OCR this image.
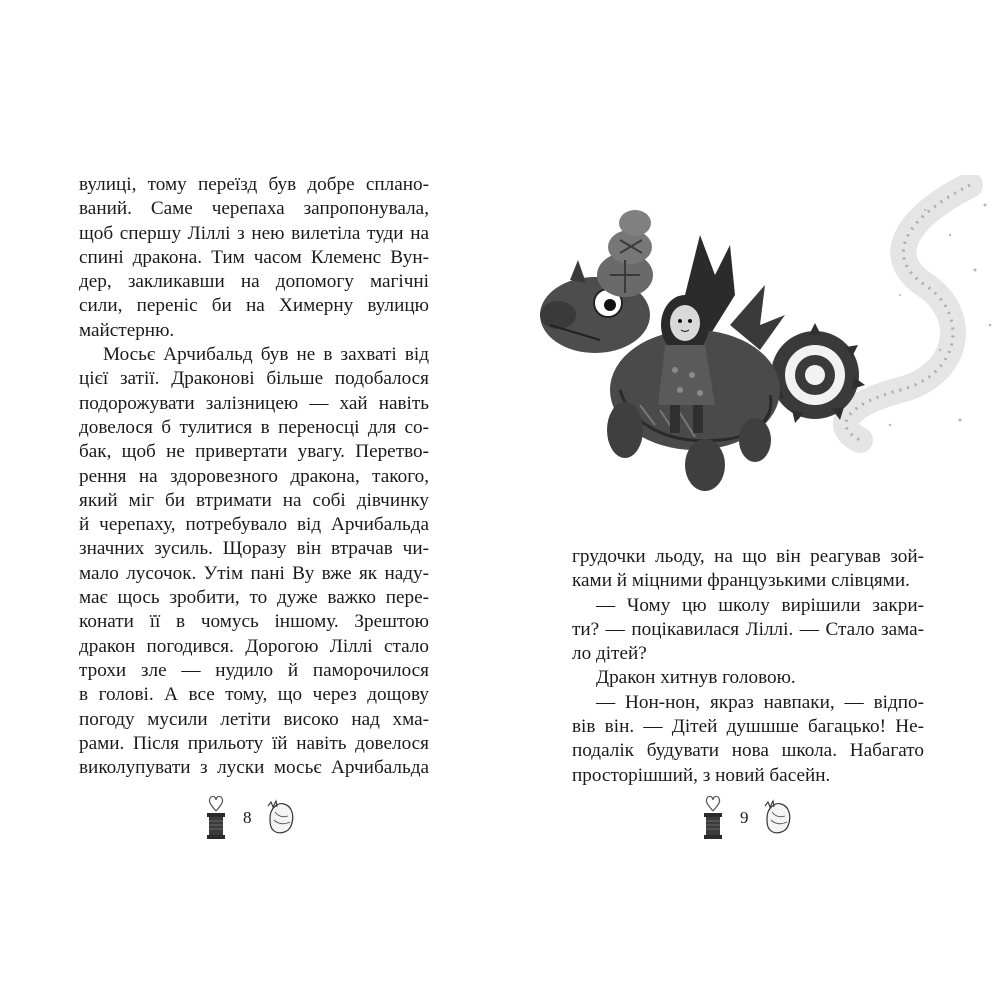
вулиці, тому переїзд був добре сплано-
ваний. Саме черепаха запропонувала,
щоб спершу Ліллі з нею вилетіла туди на
спині дракона. Тим часом Клеменс Вун-
дер, закликавши на допомогу магічні
сили, переніс би на Химерну вулицю
майстерню.
Мосьє Арчибальд був не в захваті від
цієї затії. Драконові більше подобалося
подорожувати залізницею — хай навіть
довелося б тулитися в переносці для со-
бак, щоб не привертати увагу. Перетво-
рення на здоровезного дракона, такого,
який міг би втримати на собі дівчинку
й черепаху, потребувало від Арчибальда
значних зусиль. Щоразу він втрачав чи-
мало лусочок. Утім пані Ву вже як наду-
має щось зробити, то дуже важко пере-
конати її в чомусь іншому. Зрештою
дракон погодився. Дорогою Ліллі стало
трохи зле — нудило й паморочилося
в голові. А все тому, що через дощову
погоду мусили летіти високо над хма-
рами. Після прильоту їй навіть довелося
виколупувати з луски мосьє Арчибальда
8
грудочки льоду, на що він реагував зой-
ками й міцними французькими слівцями.
— Чому цю школу вирішили закри-
ти? — поцікавилася Ліллі. — Стало зама-
ло дітей?
Дракон хитнув головою.
— Нон-нон, якраз навпаки, — відпо-
вів він. — Дітей душшше багацько! Не-
подалік будувати нова школа. Набагато
просторішший, з новий басейн.
9
